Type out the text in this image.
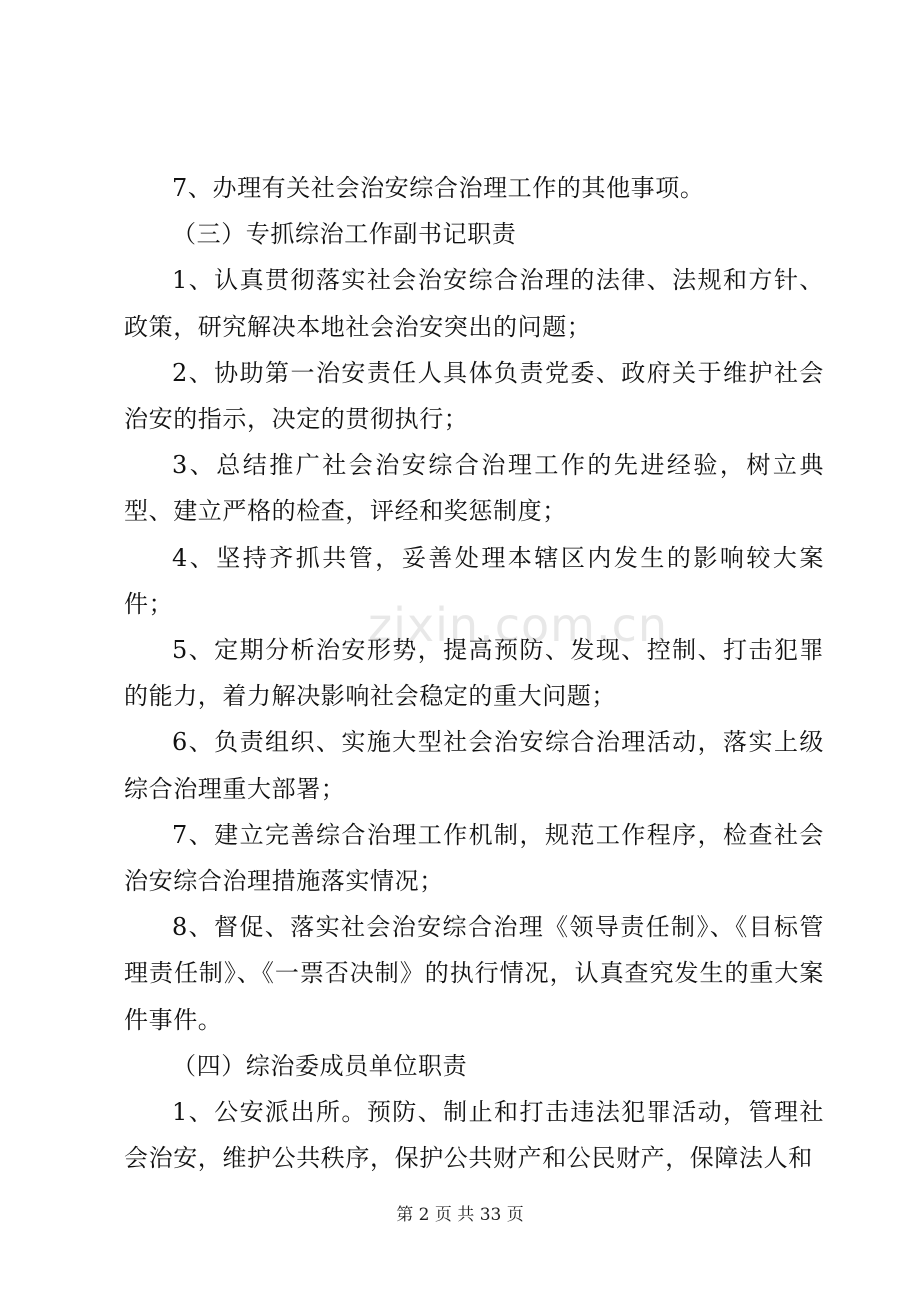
7、办理有关社会治安综合治理工作的其他事项。

（三）专抓综治工作副书记职责

1、认真贯彻落实社会治安综合治理的法律、法规和方针、政策，研究解决本地社会治安突出的问题；

2、协助第一治安责任人具体负责党委、政府关于维护社会治安的指示，决定的贯彻执行；

3、总结推广社会治安综合治理工作的先进经验，树立典型、建立严格的检查，评经和奖惩制度；

4、坚持齐抓共管，妥善处理本辖区内发生的影响较大案件；

5、定期分析治安形势，提高预防、发现、控制、打击犯罪的能力，着力解决影响社会稳定的重大问题；

6、负责组织、实施大型社会治安综合治理活动，落实上级综合治理重大部署；

7、建立完善综合治理工作机制，规范工作程序，检查社会治安综合治理措施落实情况；

8、督促、落实社会治安综合治理《领导责任制》、《目标管理责任制》、《一票否决制》的执行情况，认真查究发生的重大案件事件。

（四）综治委成员单位职责

1、公安派出所。预防、制止和打击违法犯罪活动，管理社会治安，维护公共秩序，保护公共财产和公民财产，保障法人和

zixin.com.cn
第 2 页 共 33 页
